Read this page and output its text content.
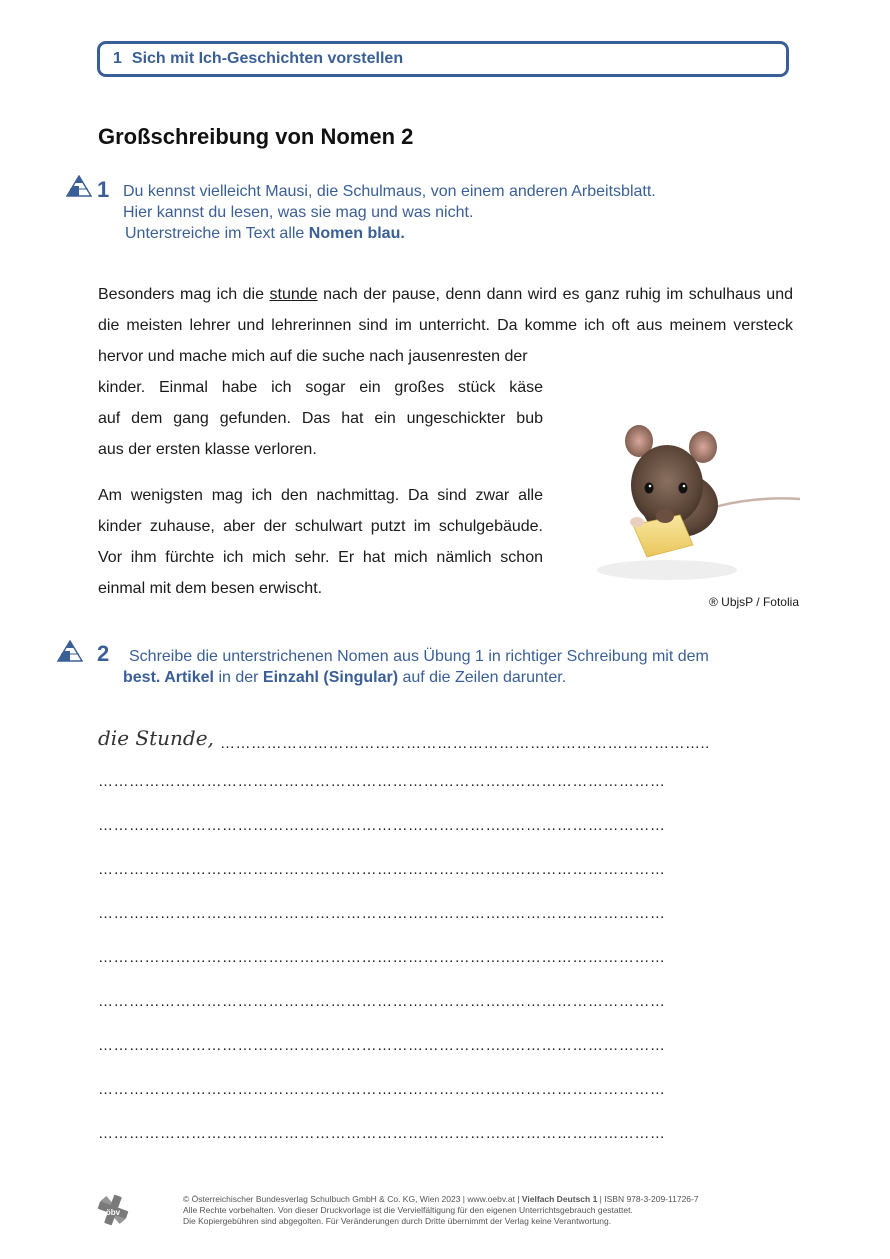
1 Sich mit Ich-Geschichten vorstellen
Großschreibung von Nomen 2
1 Du kennst vielleicht Mausi, die Schulmaus, von einem anderen Arbeitsblatt.
Hier kannst du lesen, was sie mag und was nicht.
Unterstreiche im Text alle Nomen blau.
Besonders mag ich die stunde nach der pause, denn dann wird es ganz ruhig im schulhaus und die meisten lehrer und lehrerinnen sind im unterricht. Da komme ich oft aus meinem versteck hervor und mache mich auf die suche nach jausenresten der
kinder. Einmal habe ich sogar ein großes stück käse
auf dem gang gefunden. Das hat ein ungeschickter bub
aus der ersten klasse verloren.
Am wenigsten mag ich den nachmittag. Da sind zwar alle kinder zuhause, aber der schulwart putzt im schulgebäude. Vor ihm fürchte ich mich sehr. Er hat mich nämlich schon einmal mit dem besen erwischt.
® UbjsP / Fotolia
2	Schreibe die unterstrichenen Nomen aus Übung 1 in richtiger Schreibung mit dem
best. Artikel in der Einzahl (Singular) auf die Zeilen darunter.
die Stunde, …………………………………………………………………………………..
……………………………………………………………………..…………………………
……………………………………………………………………..…………………………
……………………………………………………………………..…………………………
……………………………………………………………………..…………………………
……………………………………………………………………..…………………………
……………………………………………………………………..…………………………
……………………………………………………………………..…………………………
……………………………………………………………………..…………………………
……………………………………………………………………..…………………………
öbv
© Österreichischer Bundesverlag Schulbuch GmbH & Co. KG, Wien 2023 | www.oebv.at | Vielfach Deutsch 1 | ISBN 978-3-209-11726-7
Alle Rechte vorbehalten. Von dieser Druckvorlage ist die Vervielfältigung für den eigenen Unterrichtsgebrauch gestattet.
Die Kopiergebühren sind abgegolten. Für Veränderungen durch Dritte übernimmt der Verlag keine Verantwortung.
